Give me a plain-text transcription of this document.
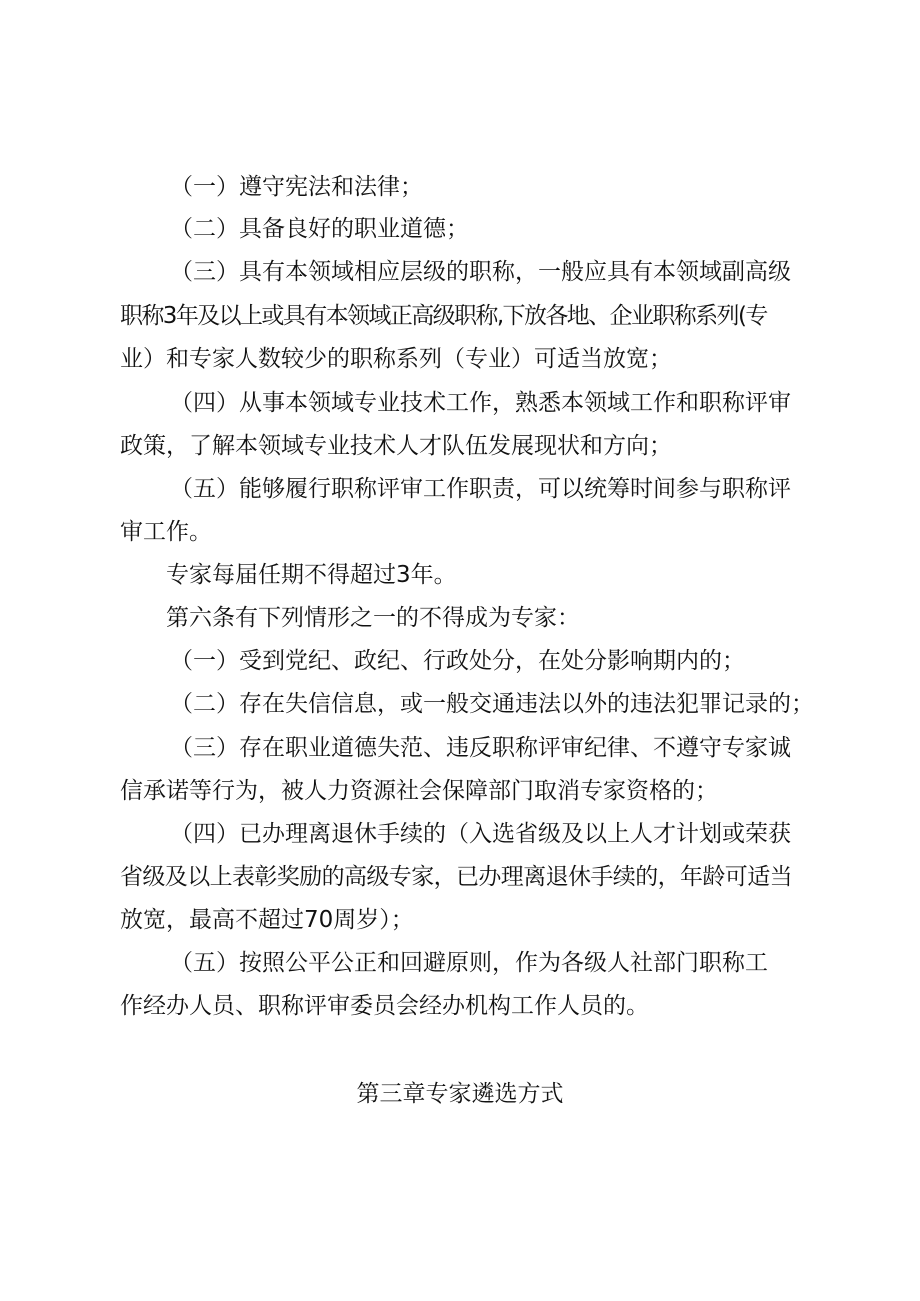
（一）遵守宪法和法律；
（二）具备良好的职业道德；
（三）具有本领域相应层级的职称，一般应具有本领域副高级
职称3年及以上或具有本领域正高级职称,下放各地、企业职称系列(专
业）和专家人数较少的职称系列（专业）可适当放宽；
（四）从事本领域专业技术工作，熟悉本领域工作和职称评审
政策，了解本领域专业技术人才队伍发展现状和方向；
（五）能够履行职称评审工作职责，可以统筹时间参与职称评
审工作。
专家每届任期不得超过3年。
第六条有下列情形之一的不得成为专家：
（一）受到党纪、政纪、行政处分，在处分影响期内的；
（二）存在失信信息，或一般交通违法以外的违法犯罪记录的；
（三）存在职业道德失范、违反职称评审纪律、不遵守专家诚
信承诺等行为，被人力资源社会保障部门取消专家资格的；
（四）已办理离退休手续的（入选省级及以上人才计划或荣获
省级及以上表彰奖励的高级专家，已办理离退休手续的，年龄可适当
放宽，最高不超过70周岁）；
（五）按照公平公正和回避原则，作为各级人社部门职称工
作经办人员、职称评审委员会经办机构工作人员的。
第三章专家遴选方式
